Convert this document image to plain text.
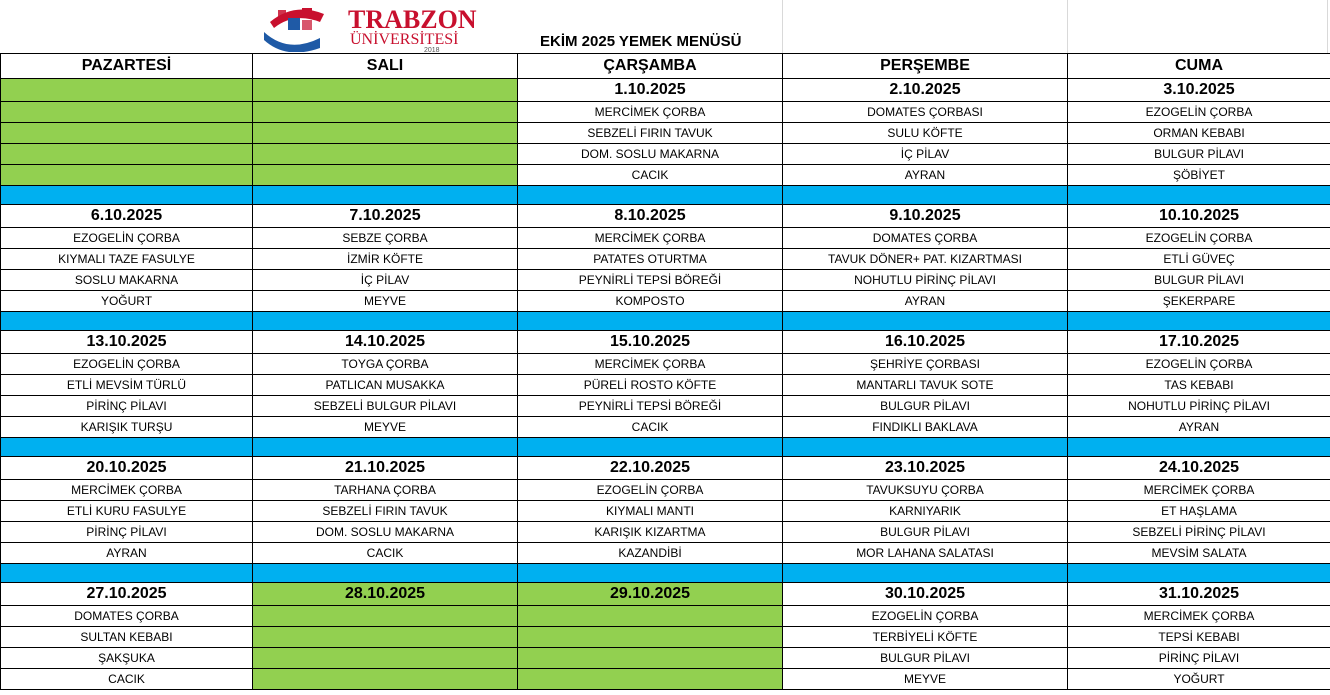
TRABZON
ÜNİVERSİTESİ
2018
EKİM 2025 YEMEK MENÜSÜ
PAZARTESİ	SALI	ÇARŞAMBA	PERŞEMBE	CUMA
		1.10.2025	2.10.2025	3.10.2025
		MERCİMEK ÇORBA	DOMATES ÇORBASI	EZOGELİN ÇORBA
		SEBZELİ FIRIN TAVUK	SULU KÖFTE	ORMAN KEBABI
		DOM. SOSLU MAKARNA	İÇ PİLAV	BULGUR PİLAVI
		CACIK	AYRAN	ŞÖBİYET

6.10.2025	7.10.2025	8.10.2025	9.10.2025	10.10.2025
EZOGELİN ÇORBA	SEBZE ÇORBA	MERCİMEK ÇORBA	DOMATES ÇORBA	EZOGELİN ÇORBA
KIYMALI TAZE FASULYE	İZMİR KÖFTE	PATATES OTURTMA	TAVUK DÖNER+ PAT. KIZARTMASI	ETLİ GÜVEÇ
SOSLU MAKARNA	İÇ PİLAV	PEYNİRLİ TEPSİ BÖREĞİ	NOHUTLU PİRİNÇ PİLAVI	BULGUR PİLAVI
YOĞURT	MEYVE	KOMPOSTO	AYRAN	ŞEKERPARE

13.10.2025	14.10.2025	15.10.2025	16.10.2025	17.10.2025
EZOGELİN ÇORBA	TOYGA ÇORBA	MERCİMEK ÇORBA	ŞEHRİYE ÇORBASI	EZOGELİN ÇORBA
ETLİ MEVSİM TÜRLÜ	PATLICAN MUSAKKA	PÜRELİ ROSTO KÖFTE	MANTARLI TAVUK SOTE	TAS KEBABI
PİRİNÇ PİLAVI	SEBZELİ BULGUR PİLAVI	PEYNİRLİ TEPSİ BÖREĞİ	BULGUR PİLAVI	NOHUTLU PİRİNÇ PİLAVI
KARIŞIK TURŞU	MEYVE	CACIK	FINDIKLI BAKLAVA	AYRAN

20.10.2025	21.10.2025	22.10.2025	23.10.2025	24.10.2025
MERCİMEK ÇORBA	TARHANA ÇORBA	EZOGELİN ÇORBA	TAVUKSUYU ÇORBA	MERCİMEK ÇORBA
ETLİ KURU FASULYE	SEBZELİ FIRIN TAVUK	KIYMALI MANTI	KARNIYARIK	ET HAŞLAMA
PİRİNÇ PİLAVI	DOM. SOSLU MAKARNA	KARIŞIK KIZARTMA	BULGUR PİLAVI	SEBZELİ PİRİNÇ PİLAVI
AYRAN	CACIK	KAZANDİBİ	MOR LAHANA SALATASI	MEVSİM SALATA

27.10.2025	28.10.2025	29.10.2025	30.10.2025	31.10.2025
DOMATES ÇORBA			EZOGELİN ÇORBA	MERCİMEK ÇORBA
SULTAN KEBABI			TERBİYELİ KÖFTE	TEPSİ KEBABI
ŞAKŞUKA			BULGUR PİLAVI	PİRİNÇ PİLAVI
CACIK			MEYVE	YOĞURT
